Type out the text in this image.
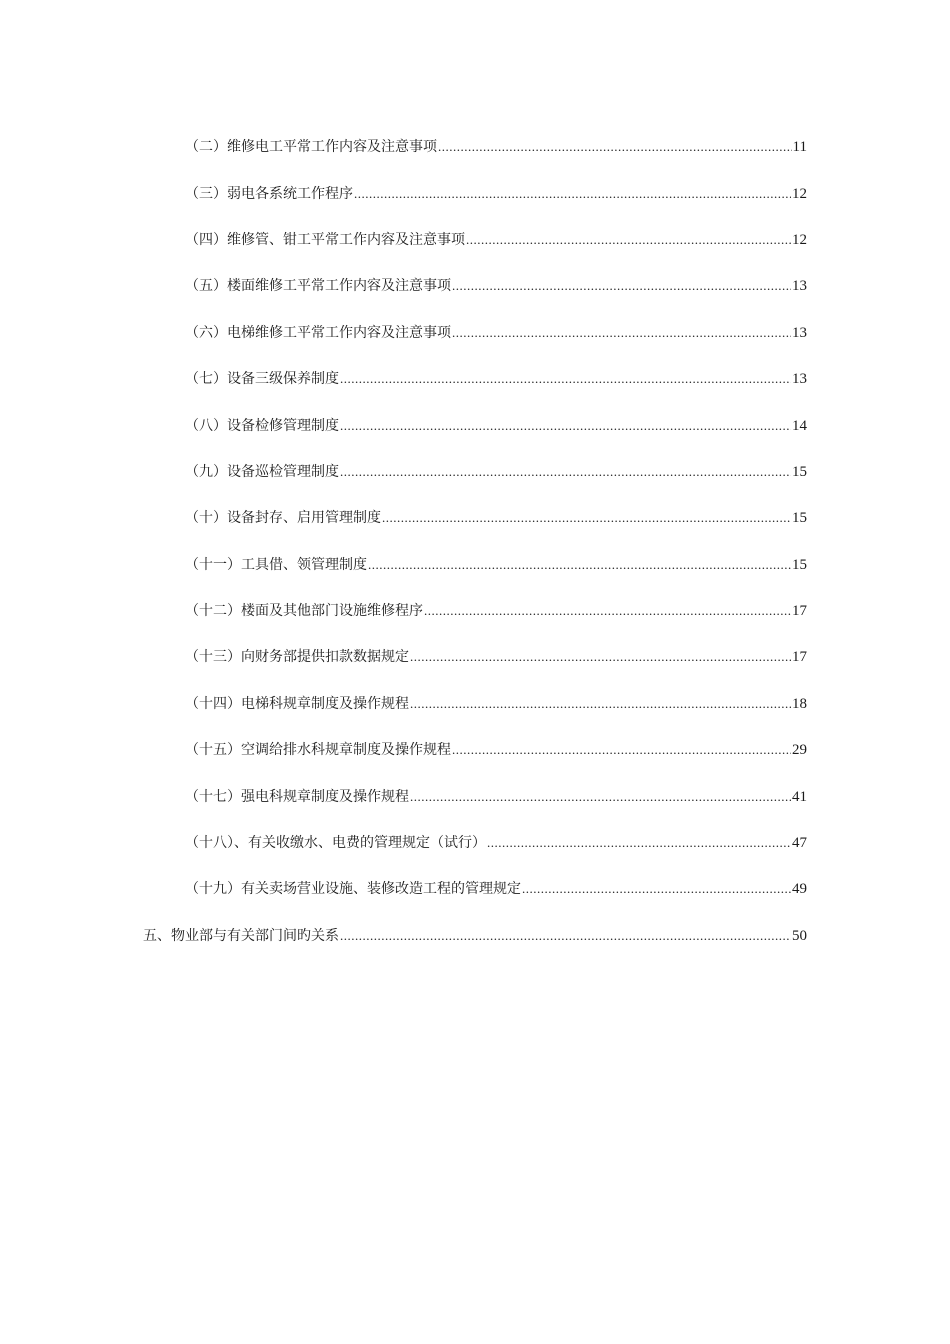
（二）维修电工平常工作内容及注意事项 .....	11
（三）弱电各系统工作程序 .....	12
（四）维修管、钳工平常工作内容及注意事项 .....	12
（五）楼面维修工平常工作内容及注意事项 .....	13
（六）电梯维修工平常工作内容及注意事项 .....	13
（七）设备三级保养制度 .....	13
（八）设备检修管理制度 .....	14
（九）设备巡检管理制度 .....	15
（十）设备封存、启用管理制度 .....	15
（十一）工具借、领管理制度 .....	15
（十二）楼面及其他部门设施维修程序 .....	17
（十三）向财务部提供扣款数据规定 .....	17
（十四）电梯科规章制度及操作规程 .....	18
（十五）空调给排水科规章制度及操作规程 .....	29
（十七）强电科规章制度及操作规程 .....	41
（十八）、有关收缴水、电费的管理规定（试行） .....	47
（十九）有关卖场营业设施、装修改造工程的管理规定 .....	49
五、物业部与有关部门间旳关系 .....	50
